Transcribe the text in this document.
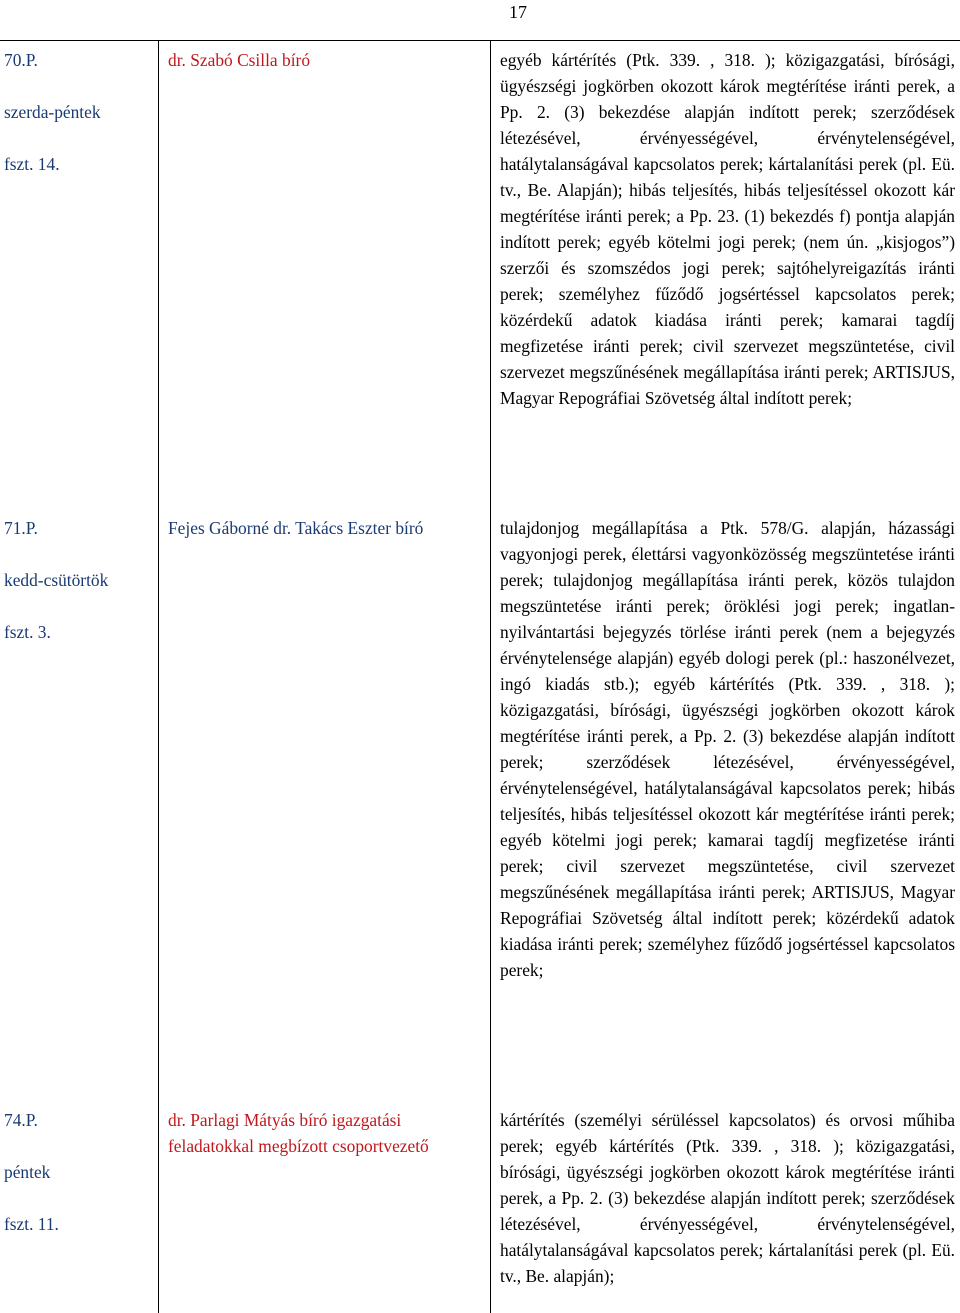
17
70.P.
szerda-péntek
fszt. 14.
dr. Szabó Csilla bíró	egyéb kártérítés (Ptk. 339. , 318. ); közigazgatási, bírósági, ügyészségi jogkörben okozott károk megtérítése iránti perek, a Pp. 2. (3) bekezdése alapján indított perek; szerződések létezésével, érvényességével, érvénytelenségével, hatálytalanságával kapcsolatos perek; kártalanítási perek (pl. Eü. tv., Be. Alapján); hibás teljesítés, hibás teljesítéssel okozott kár megtérítése iránti perek; a Pp. 23. (1) bekezdés f) pontja alapján indított perek; egyéb kötelmi jogi perek; (nem ún. „kisjogos”) szerzői és szomszédos jogi perek; sajtóhelyreigazítás iránti perek; személyhez fűződő jogsértéssel kapcsolatos perek; közérdekű adatok kiadása iránti perek; kamarai tagdíj megfizetése iránti perek; civil szervezet megszüntetése, civil szervezet megszűnésének megállapítása iránti perek; ARTISJUS, Magyar Repográfiai Szövetség által indított perek;
71.P.
kedd-csütörtök
fszt. 3.
Fejes Gáborné dr. Takács Eszter bíró	tulajdonjog megállapítása a Ptk. 578/G. alapján, házassági vagyonjogi perek, élettársi vagyonközösség megszüntetése iránti perek; tulajdonjog megállapítása iránti perek, közös tulajdon megszüntetése iránti perek; öröklési jogi perek; ingatlan-nyilvántartási bejegyzés törlése iránti perek (nem a bejegyzés érvénytelensége alapján) egyéb dologi perek (pl.: haszonélvezet, ingó kiadás stb.); egyéb kártérítés (Ptk. 339. , 318. ); közigazgatási, bírósági, ügyészségi jogkörben okozott károk megtérítése iránti perek, a Pp. 2. (3) bekezdése alapján indított perek; szerződések létezésével, érvényességével, érvénytelenségével, hatálytalanságával kapcsolatos perek; hibás teljesítés, hibás teljesítéssel okozott kár megtérítése iránti perek; egyéb kötelmi jogi perek; kamarai tagdíj megfizetése iránti perek; civil szervezet megszüntetése, civil szervezet megszűnésének megállapítása iránti perek; ARTISJUS, Magyar Repográfiai Szövetség által indított perek; közérdekű adatok kiadása iránti perek; személyhez fűződő jogsértéssel kapcsolatos perek;
74.P.
péntek
fszt. 11.
dr. Parlagi Mátyás bíró igazgatási feladatokkal megbízott csoportvezető
kártérítés (személyi sérüléssel kapcsolatos) és orvosi műhiba perek; egyéb kártérítés (Ptk. 339. , 318. ); közigazgatási, bírósági, ügyészségi jogkörben okozott károk megtérítése iránti perek, a Pp. 2. (3) bekezdése alapján indított perek; szerződések létezésével, érvényességével, érvénytelenségével, hatálytalanságával kapcsolatos perek; kártalanítási perek (pl. Eü. tv., Be. alapján);
